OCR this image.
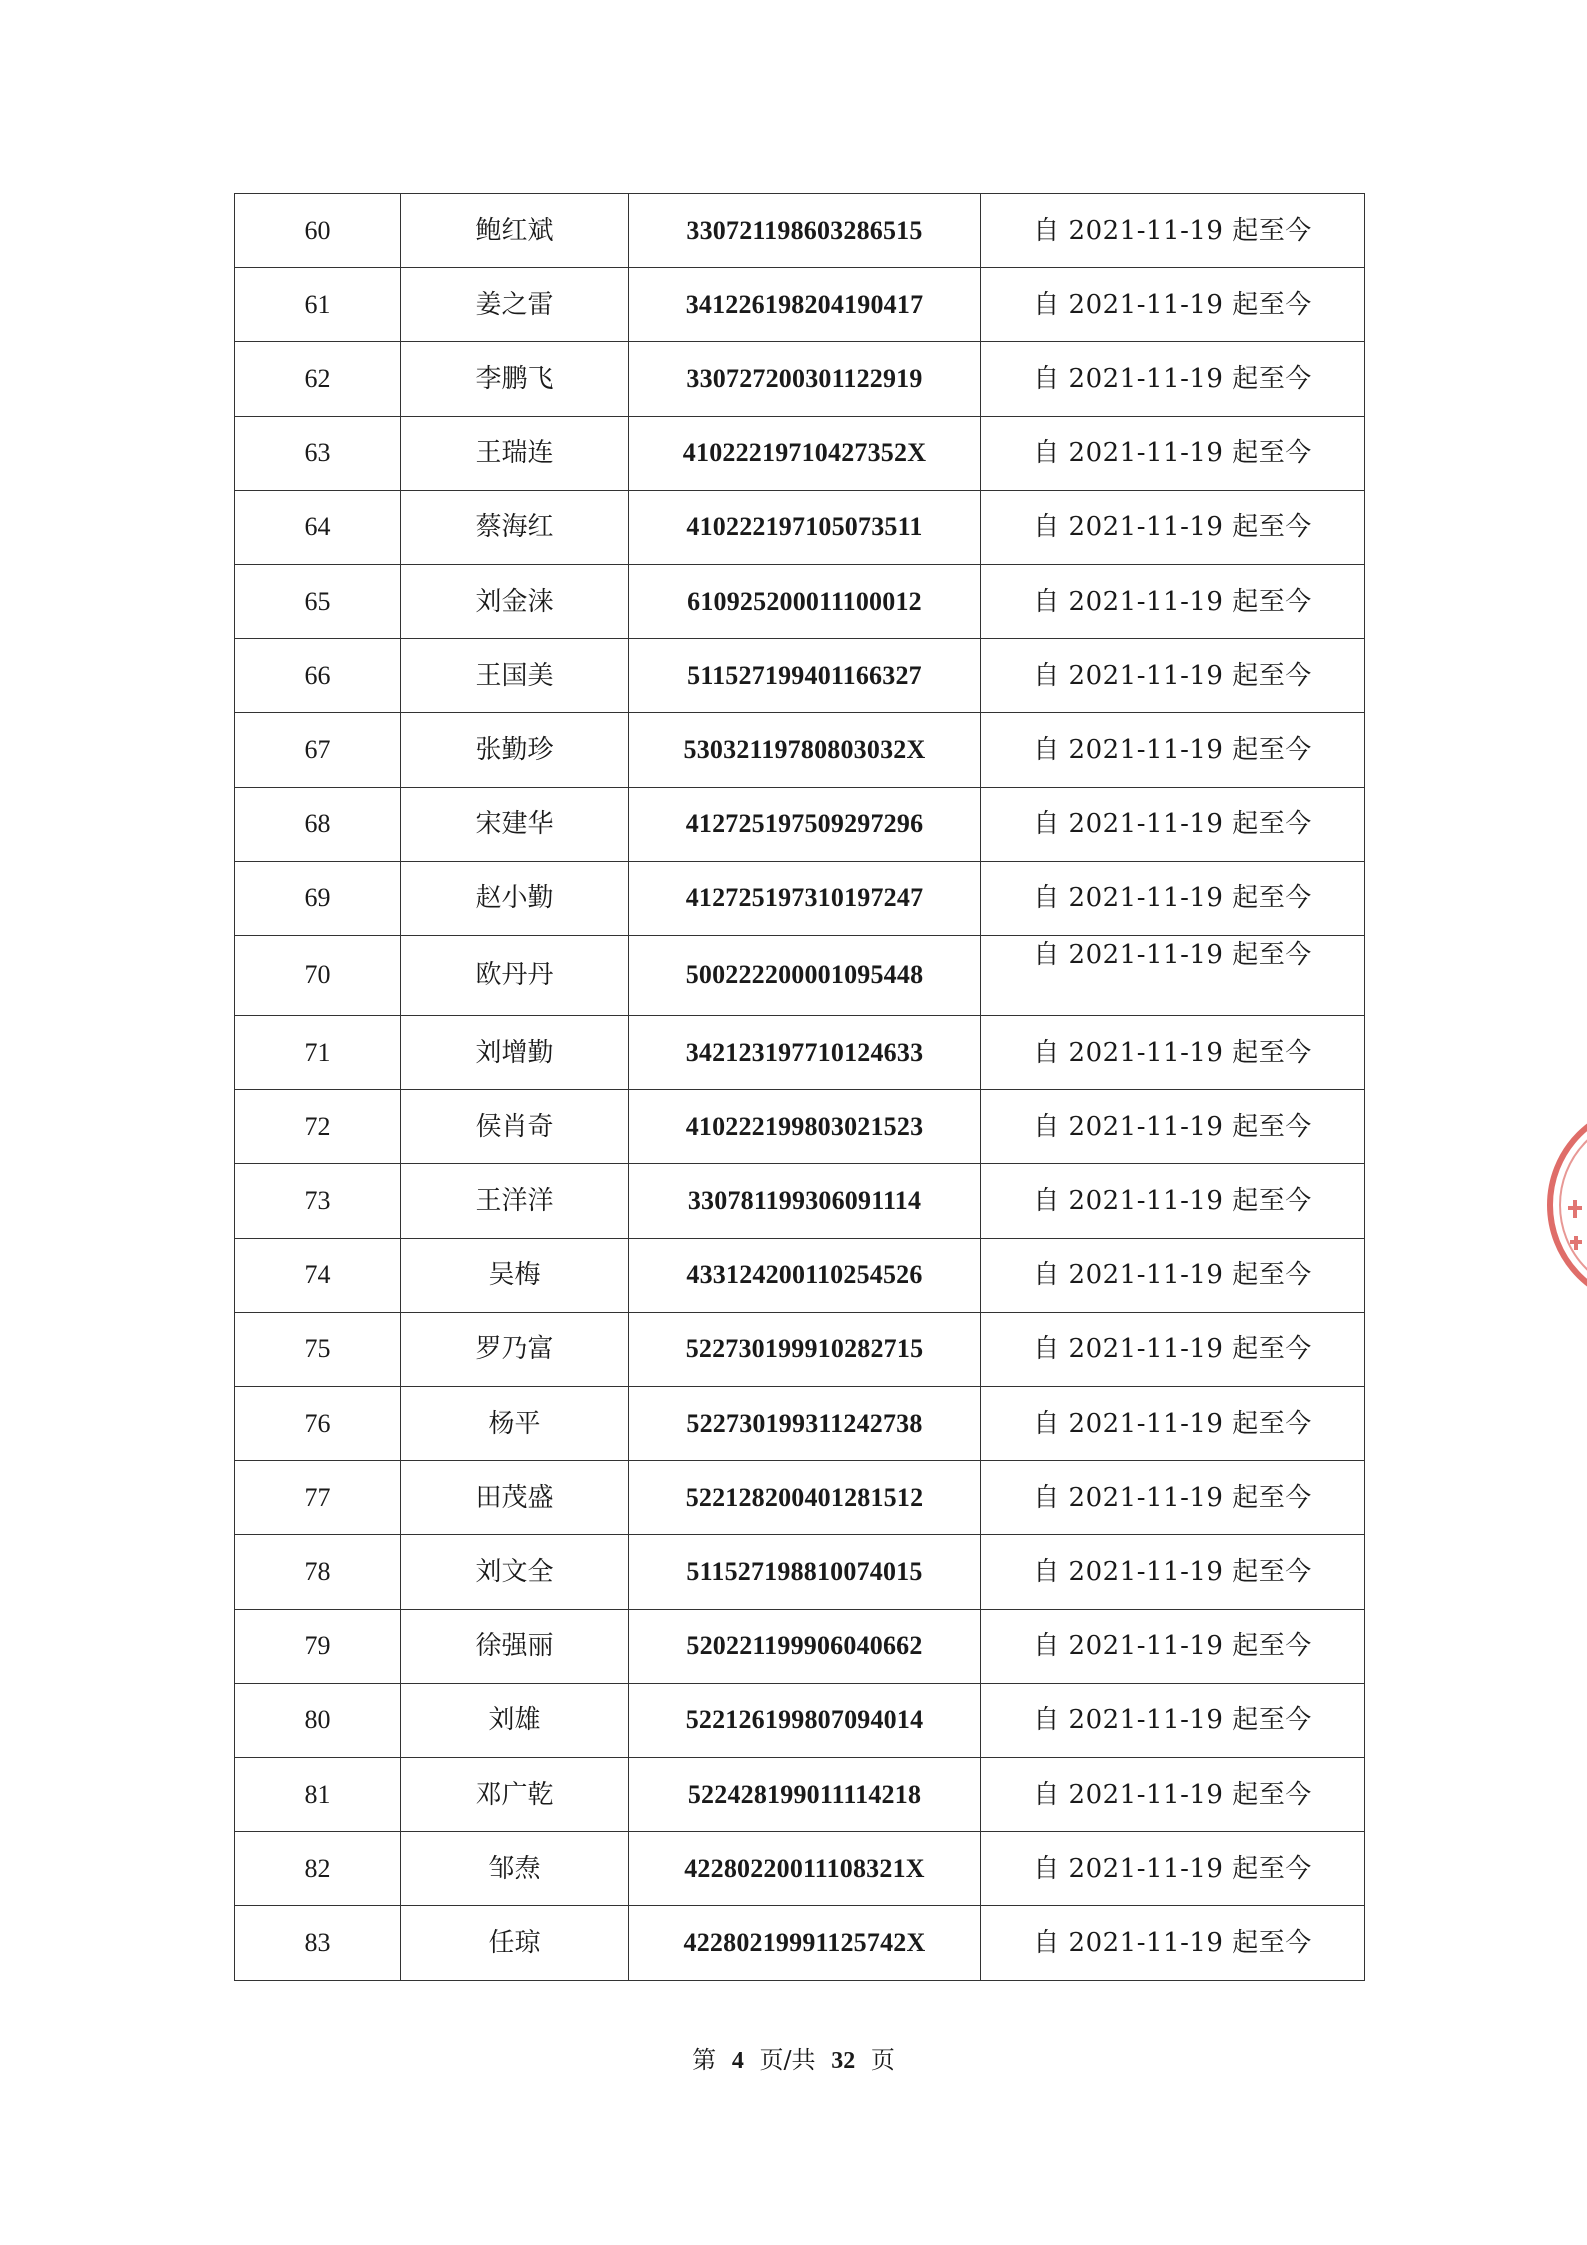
60	鲍红斌	330721198603286515	自 2021-11-19 起至今
61	姜之雷	341226198204190417	自 2021-11-19 起至今
62	李鹏飞	330727200301122919	自 2021-11-19 起至今
63	王瑞连	41022219710427352X	自 2021-11-19 起至今
64	蔡海红	410222197105073511	自 2021-11-19 起至今
65	刘金涞	610925200011100012	自 2021-11-19 起至今
66	王国美	511527199401166327	自 2021-11-19 起至今
67	张勤珍	53032119780803032X	自 2021-11-19 起至今
68	宋建华	412725197509297296	自 2021-11-19 起至今
69	赵小勤	412725197310197247	自 2021-11-19 起至今
70	欧丹丹	500222200001095448	自 2021-11-19 起至今
71	刘增勤	342123197710124633	自 2021-11-19 起至今
72	侯肖奇	410222199803021523	自 2021-11-19 起至今
73	王洋洋	330781199306091114	自 2021-11-19 起至今
74	吴梅	433124200110254526	自 2021-11-19 起至今
75	罗乃富	522730199910282715	自 2021-11-19 起至今
76	杨平	522730199311242738	自 2021-11-19 起至今
77	田茂盛	522128200401281512	自 2021-11-19 起至今
78	刘文全	511527198810074015	自 2021-11-19 起至今
79	徐强丽	520221199906040662	自 2021-11-19 起至今
80	刘雄	522126199807094014	自 2021-11-19 起至今
81	邓广乾	522428199011114218	自 2021-11-19 起至今
82	邹焘	42280220011108321X	自 2021-11-19 起至今
83	任琼	42280219991125742X	自 2021-11-19 起至今
第 4 页/共 32 页
